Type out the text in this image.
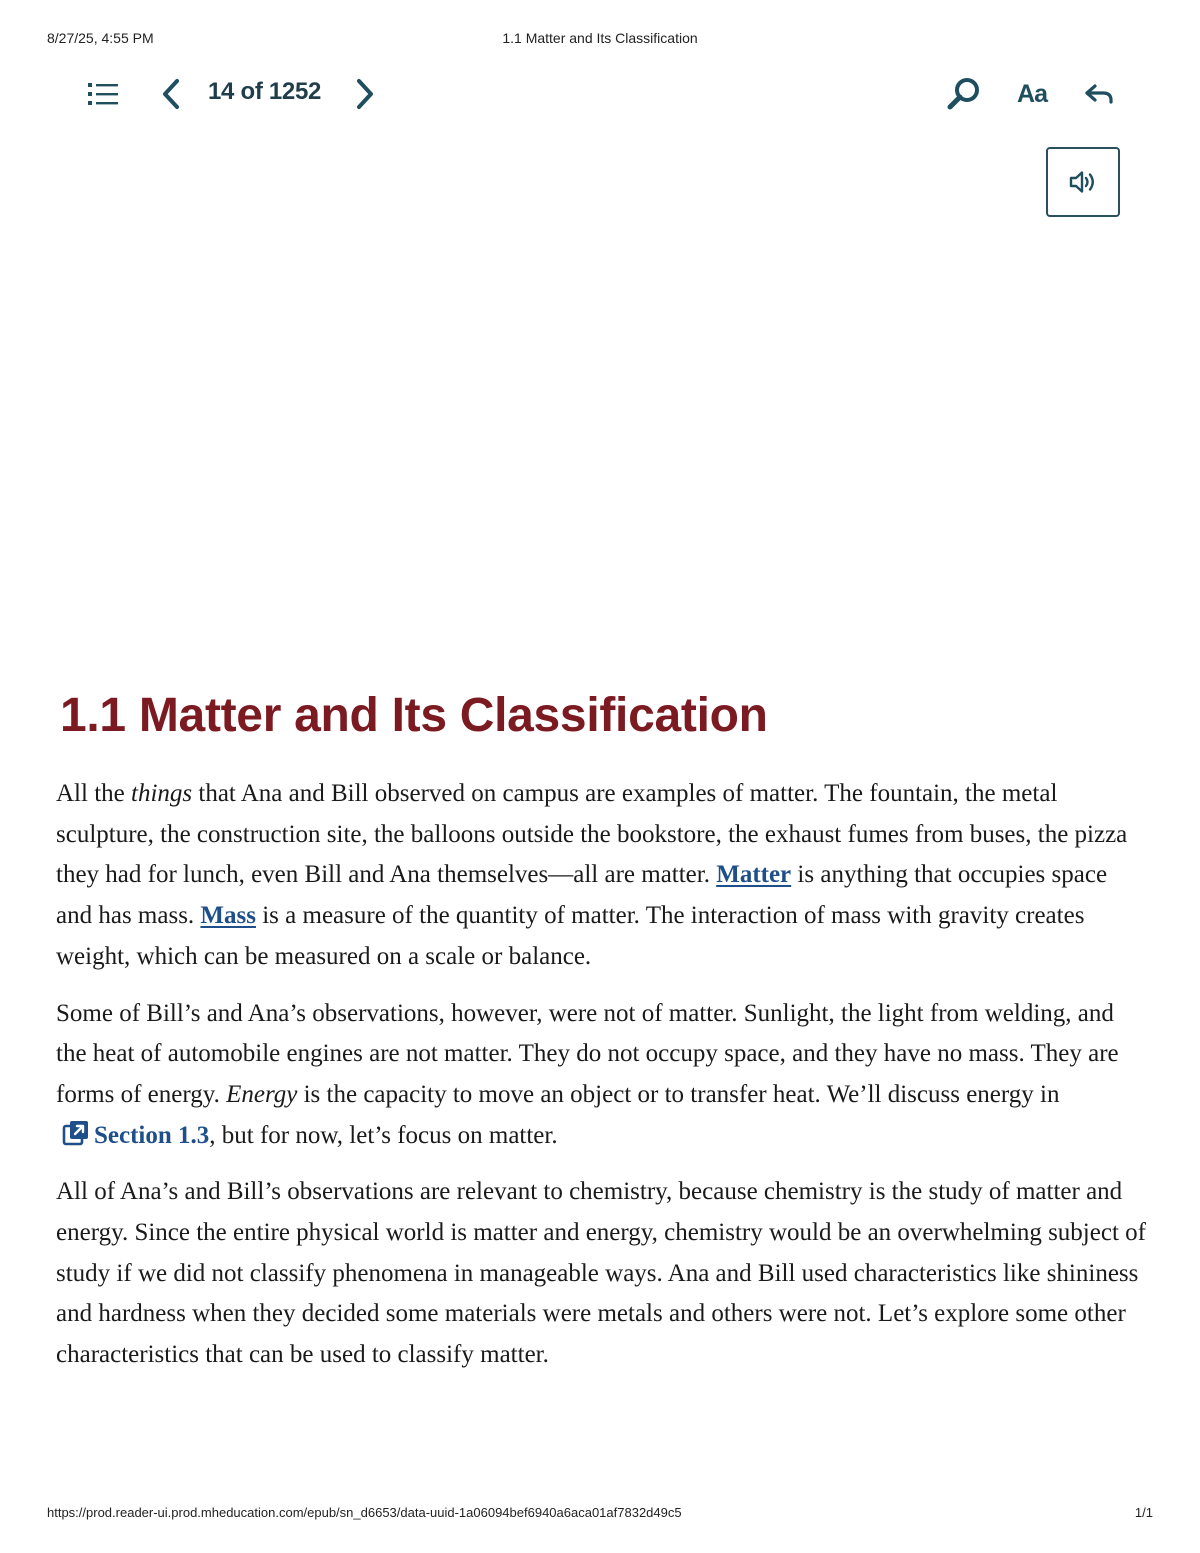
8/27/25, 4:55 PM	1.1 Matter and Its Classification
14 of 1252	Aa
1.1 Matter and Its Classification

All the things that Ana and Bill observed on campus are examples of matter. The fountain, the metal sculpture, the construction site, the balloons outside the bookstore, the exhaust fumes from buses, the pizza they had for lunch, even Bill and Ana themselves—all are matter. Matter is anything that occupies space and has mass. Mass is a measure of the quantity of matter. The interaction of mass with gravity creates weight, which can be measured on a scale or balance.

Some of Bill’s and Ana’s observations, however, were not of matter. Sunlight, the light from welding, and the heat of automobile engines are not matter. They do not occupy space, and they have no mass. They are forms of energy. Energy is the capacity to move an object or to transfer heat. We’ll discuss energy inSection 1.3, but for now, let’s focus on matter.

All of Ana’s and Bill’s observations are relevant to chemistry, because chemistry is the study of matter and energy. Since the entire physical world is matter and energy, chemistry would be an overwhelming subject of study if we did not classify phenomena in manageable ways. Ana and Bill used characteristics like shininess and hardness when they decided some materials were metals and others were not. Let’s explore some other characteristics that can be used to classify matter.

https://prod.reader-ui.prod.mheducation.com/epub/sn_d6653/data-uuid-1a06094bef6940a6aca01af7832d49c5	1/1
